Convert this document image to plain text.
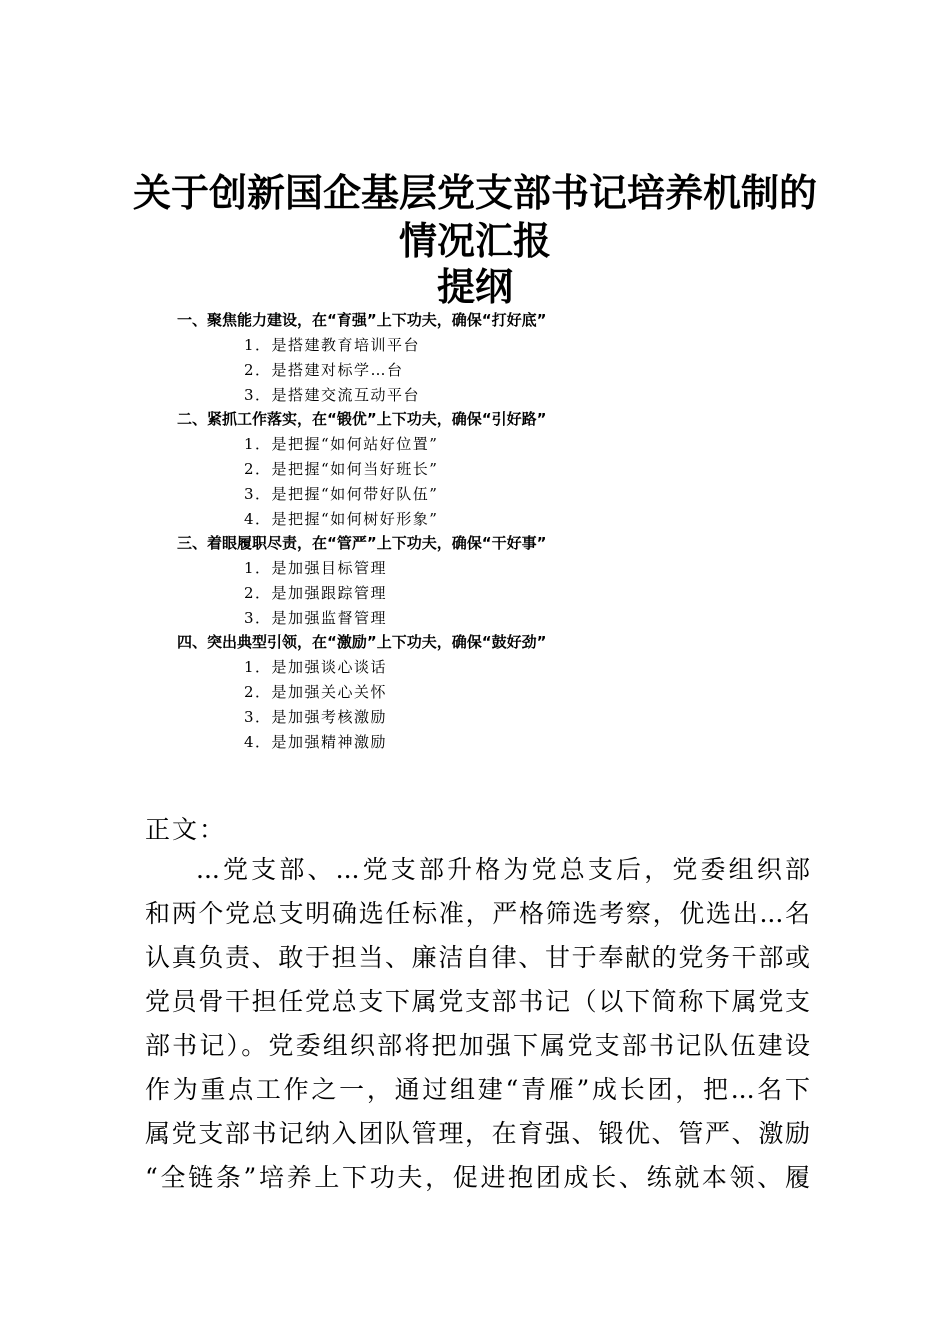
关于创新国企基层党支部书记培养机制的
情况汇报
提纲
一、聚焦能力建设，在“育强”上下功夫，确保“打好底”
1．是搭建教育培训平台
2．是搭建对标学…台
3．是搭建交流互动平台
二、紧抓工作落实，在“锻优”上下功夫，确保“引好路”
1．是把握“如何站好位置”
2．是把握“如何当好班长”
3．是把握“如何带好队伍”
4．是把握“如何树好形象”
三、着眼履职尽责，在“管严”上下功夫，确保“干好事”
1．是加强目标管理
2．是加强跟踪管理
3．是加强监督管理
四、突出典型引领，在“激励”上下功夫，确保“鼓好劲”
1．是加强谈心谈话
2．是加强关心关怀
3．是加强考核激励
4．是加强精神激励
正文：
...党支部、...党支部升格为党总支后，党委组织部
和两个党总支明确选任标准，严格筛选考察，优选出...名
认真负责、敢于担当、廉洁自律、甘于奉献的党务干部或
党员骨干担任党总支下属党支部书记（以下简称下属党支
部书记）。党委组织部将把加强下属党支部书记队伍建设
作为重点工作之一，通过组建“青雁”成长团，把...名下
属党支部书记纳入团队管理，在育强、锻优、管严、激励
“全链条”培养上下功夫，促进抱团成长、练就本领、履
